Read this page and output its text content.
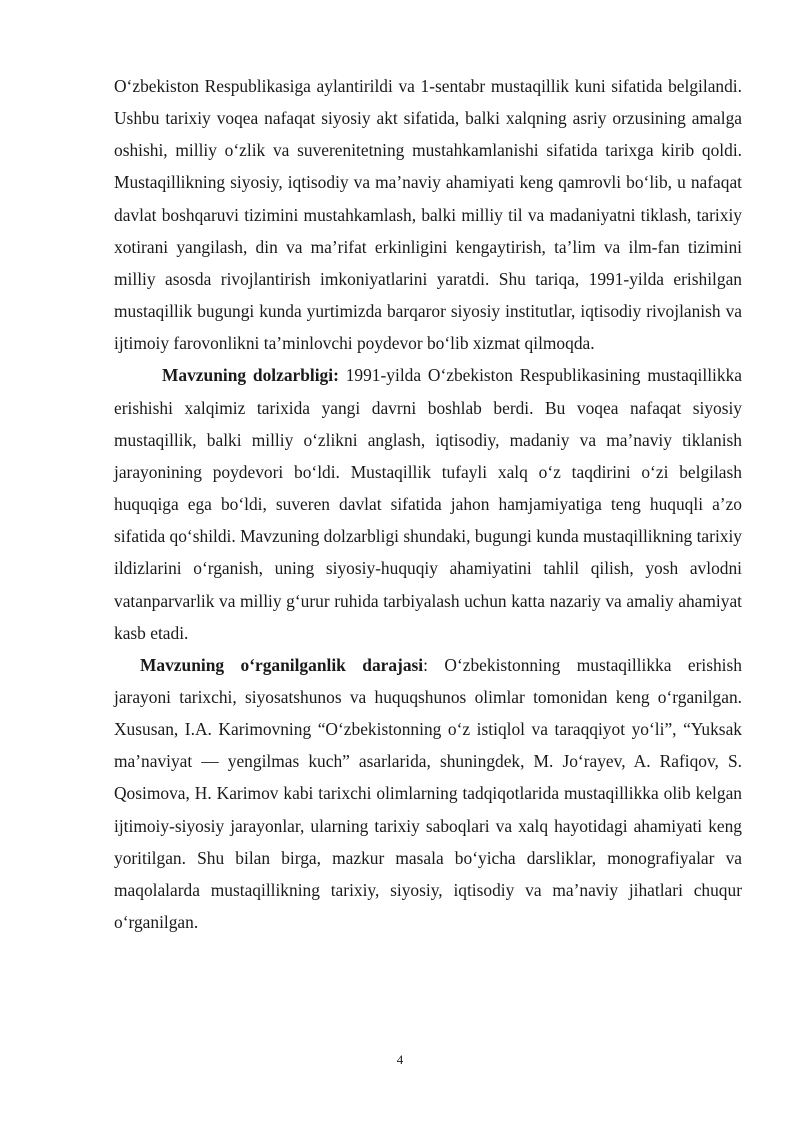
O‘zbekiston Respublikasiga aylantirildi va 1-sentabr mustaqillik kuni sifatida belgilandi. Ushbu tarixiy voqea nafaqat siyosiy akt sifatida, balki xalqning asriy orzusining amalga oshishi, milliy o‘zlik va suverenitetning mustahkamlanishi sifatida tarixga kirib qoldi. Mustaqillikning siyosiy, iqtisodiy va ma’naviy ahamiyati keng qamrovli bo‘lib, u nafaqat davlat boshqaruvi tizimini mustahkamlash, balki milliy til va madaniyatni tiklash, tarixiy xotirani yangilash, din va ma’rifat erkinligini kengaytirish, ta’lim va ilm-fan tizimini milliy asosda rivojlantirish imkoniyatlarini yaratdi. Shu tariqa, 1991-yilda erishilgan mustaqillik bugungi kunda yurtimizda barqaror siyosiy institutlar, iqtisodiy rivojlanish va ijtimoiy farovonlikni ta’minlovchi poydevor bo‘lib xizmat qilmoqda.

Mavzuning dolzarbligi: 1991-yilda O‘zbekiston Respublikasining mustaqillikka erishishi xalqimiz tarixida yangi davrni boshlab berdi. Bu voqea nafaqat siyosiy mustaqillik, balki milliy o‘zlikni anglash, iqtisodiy, madaniy va ma’naviy tiklanish jarayonining poydevori bo‘ldi. Mustaqillik tufayli xalq o‘z taqdirini o‘zi belgilash huquqiga ega bo‘ldi, suveren davlat sifatida jahon hamjamiyatiga teng huquqli a’zo sifatida qo‘shildi. Mavzuning dolzarbligi shundaki, bugungi kunda mustaqillikning tarixiy ildizlarini o‘rganish, uning siyosiy-huquqiy ahamiyatini tahlil qilish, yosh avlodni vatanparvarlik va milliy g‘urur ruhida tarbiyalash uchun katta nazariy va amaliy ahamiyat kasb etadi.

Mavzuning o‘rganilganlik darajasi: O‘zbekistonning mustaqillikka erishish jarayoni tarixchi, siyosatshunos va huquqshunos olimlar tomonidan keng o‘rganilgan. Xususan, I.A. Karimovning “O‘zbekistonning o‘z istiqlol va taraqqiyot yo‘li”, “Yuksak ma’naviyat — yengilmas kuch” asarlarida, shuningdek, M. Jo‘rayev, A. Rafiqov, S. Qosimova, H. Karimov kabi tarixchi olimlarning tadqiqotlarida mustaqillikka olib kelgan ijtimoiy-siyosiy jarayonlar, ularning tarixiy saboqlari va xalq hayotidagi ahamiyati keng yoritilgan. Shu bilan birga, mazkur masala bo‘yicha darsliklar, monografiyalar va maqolalarda mustaqillikning tarixiy, siyosiy, iqtisodiy va ma’naviy jihatlari chuqur o‘rganilgan.

4
